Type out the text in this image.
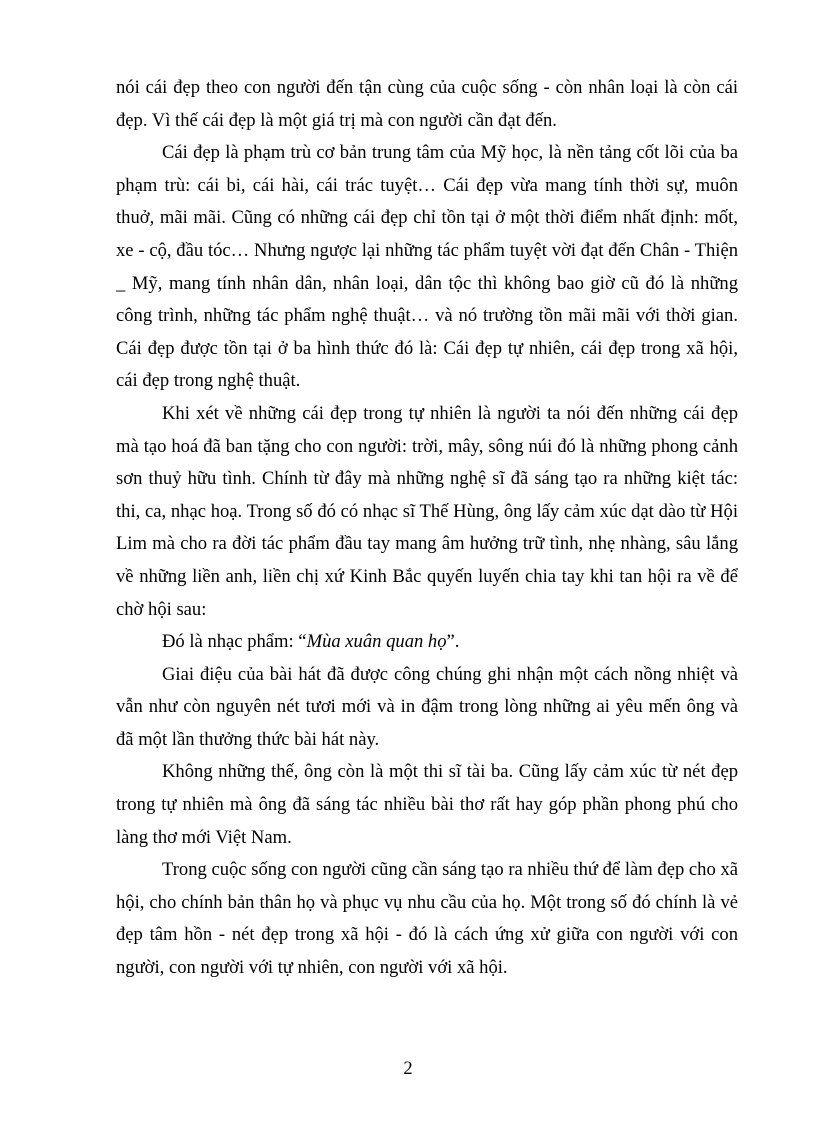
nói cái đẹp theo con người đến tận cùng của cuộc sống - còn nhân loại là còn cái đẹp. Vì thế cái đẹp là một giá trị mà con người cần đạt đến.

Cái đẹp là phạm trù cơ bản trung tâm của Mỹ học, là nền tảng cốt lõi của ba phạm trù: cái bi, cái hài, cái trác tuyệt… Cái đẹp vừa mang tính thời sự, muôn thuở, mãi mãi. Cũng có những cái đẹp chỉ tồn tại ở một thời điểm nhất định: mốt, xe - cộ, đầu tóc… Nhưng ngược lại những tác phẩm tuyệt vời đạt đến Chân - Thiện _ Mỹ, mang tính nhân dân, nhân loại, dân tộc thì không bao giờ cũ đó là những công trình, những tác phẩm nghệ thuật… và nó trường tồn mãi mãi với thời gian. Cái đẹp được tồn tại ở ba hình thức đó là: Cái đẹp tự nhiên, cái đẹp trong xã hội, cái đẹp trong nghệ thuật.

Khi xét về những cái đẹp trong tự nhiên là người ta nói đến những cái đẹp mà tạo hoá đã ban tặng cho con người: trời, mây, sông núi đó là những phong cảnh sơn thuỷ hữu tình. Chính từ đây mà những nghệ sĩ đã sáng tạo ra những kiệt tác: thi, ca, nhạc hoạ. Trong số đó có nhạc sĩ Thế Hùng, ông lấy cảm xúc dạt dào từ Hội Lim mà cho ra đời tác phẩm đầu tay mang âm hưởng trữ tình, nhẹ nhàng, sâu lắng về những liền anh, liền chị xứ Kinh Bắc quyến luyến chia tay khi tan hội ra về để chờ hội sau:

Đó là nhạc phẩm: “Mùa xuân quan họ”.

Giai điệu của bài hát đã được công chúng ghi nhận một cách nồng nhiệt và vẫn như còn nguyên nét tươi mới và in đậm trong lòng những ai yêu mến ông và đã một lần thưởng thức bài hát này.

Không những thế, ông còn là một thi sĩ tài ba. Cũng lấy cảm xúc từ nét đẹp trong tự nhiên mà ông đã sáng tác nhiều bài thơ rất hay góp phần phong phú cho làng thơ mới Việt Nam.

Trong cuộc sống con người cũng cần sáng tạo ra nhiều thứ để làm đẹp cho xã hội, cho chính bản thân họ và phục vụ nhu cầu của họ. Một trong số đó chính là vẻ đẹp tâm hồn - nét đẹp trong xã hội - đó là cách ứng xử giữa con người với con người, con người với tự nhiên, con người với xã hội.

2
